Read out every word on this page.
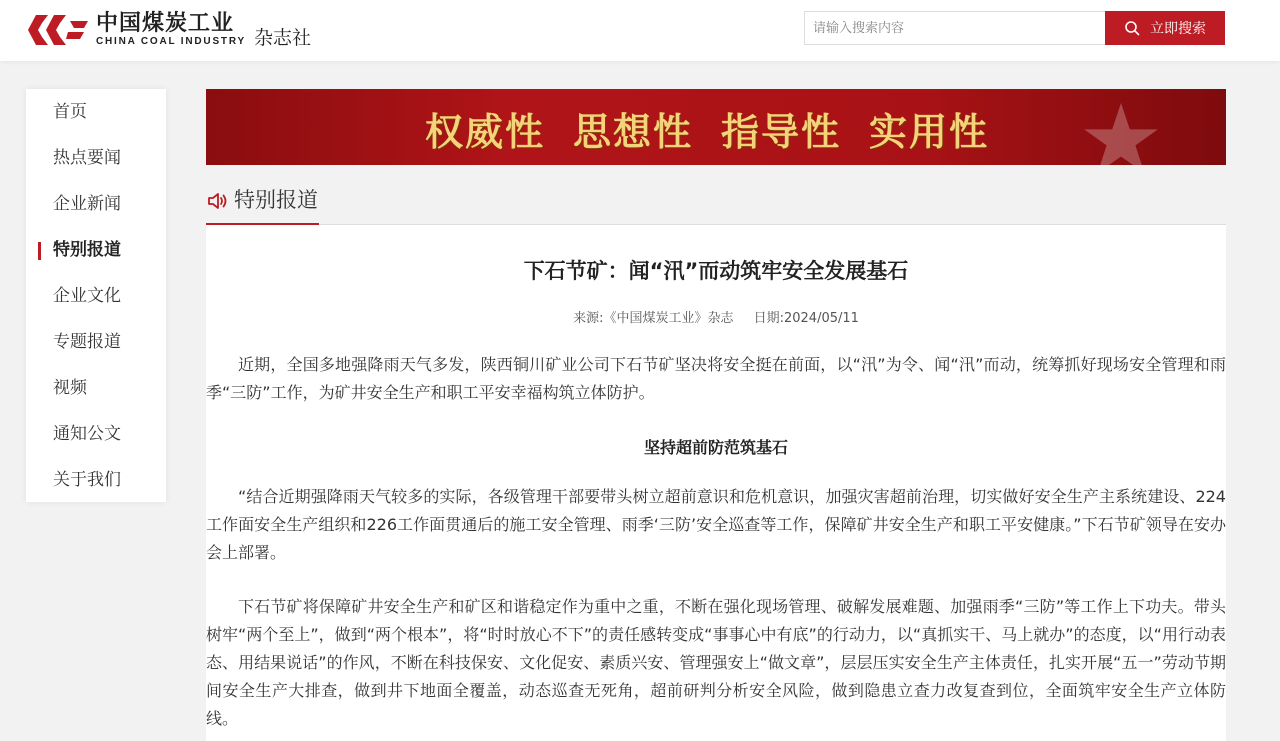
中国煤炭工业
CHINA COAL INDUSTRY 杂志社
请输入搜索内容	立即搜索
首页
热点要闻
企业新闻
特别报道
企业文化
专题报道
视频
通知公文
关于我们
权威性 思想性 指导性 实用性
特别报道
下石节矿：闻“汛”而动筑牢安全发展基石
来源:《中国煤炭工业》杂志 日期:2024/05/11

近期，全国多地强降雨天气多发，陕西铜川矿业公司下石节矿坚决将安全挺在前面，以“汛”为令、闻“汛”而动，统筹抓好现场安全管理和雨季“三防”工作，为矿井安全生产和职工平安幸福构筑立体防护。

坚持超前防范筑基石

“结合近期强降雨天气较多的实际，各级管理干部要带头树立超前意识和危机意识，加强灾害超前治理，切实做好安全生产主系统建设、224工作面安全生产组织和226工作面贯通后的施工安全管理、雨季‘三防’安全巡查等工作，保障矿井安全生产和职工平安健康。”下石节矿领导在安办会上部署。

下石节矿将保障矿井安全生产和矿区和谐稳定作为重中之重，不断在强化现场管理、破解发展难题、加强雨季“三防”等工作上下功夫。带头树牢“两个至上”，做到“两个根本”，将“时时放心不下”的责任感转变成“事事心中有底”的行动力，以“真抓实干、马上就办”的态度，以“用行动表态、用结果说话”的作风，不断在科技保安、文化促安、素质兴安、管理强安上“做文章”，层层压实安全生产主体责任，扎实开展“五一”劳动节期间安全生产大排查，做到井下地面全覆盖，动态巡查无死角，超前研判分析安全风险，做到隐患立查力改复查到位，全面筑牢安全生产立体防线。
